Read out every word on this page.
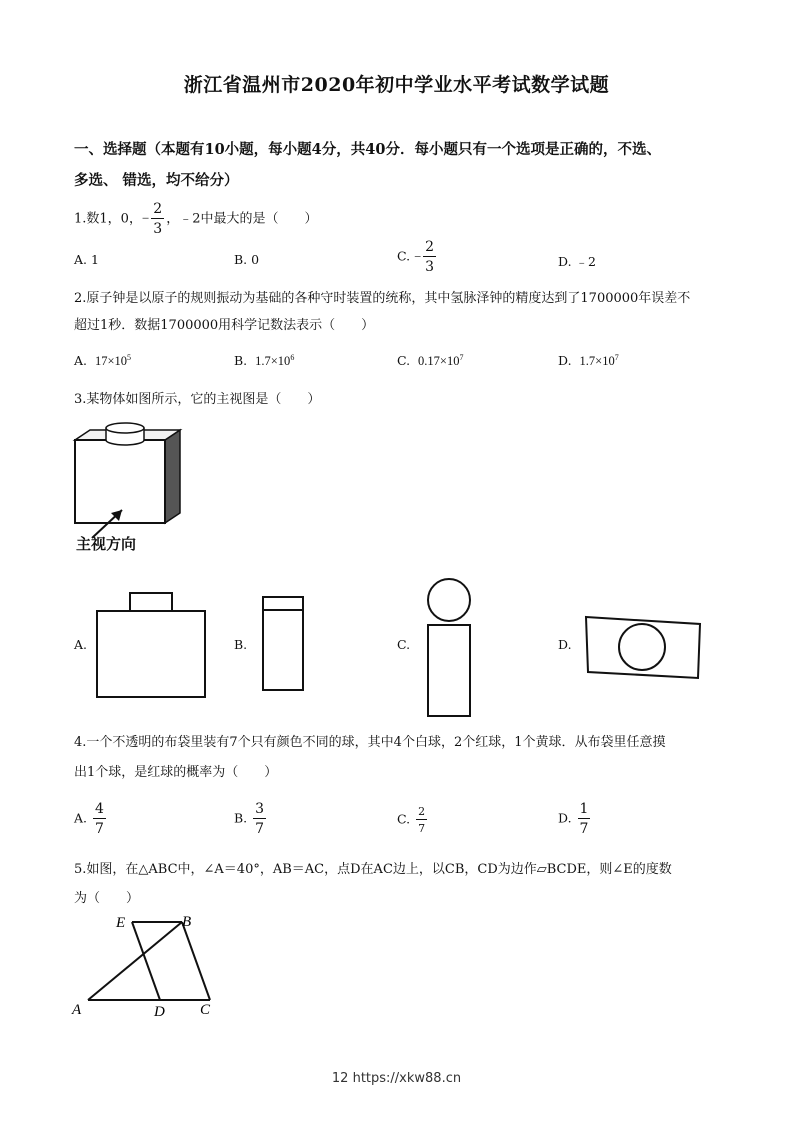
浙江省温州市2020年初中学业水平考试数学试题
一、选择题（本题有10小题，每小题4分，共40分．每小题只有一个选项是正确的，不选、
多选、 错选，均不给分）
1.数1，0，− $\frac{2}{3}$ ，﹣2中最大的是（　　）
A. 1	B. 0	C. − $\frac{2}{3}$	D. ﹣2
2.原子钟是以原子的规则振动为基础的各种守时装置的统称，其中氢脉泽钟的精度达到了1700000年误差不
超过1秒．数据1700000用科学记数法表示（　　）
A. $17\times 10^5$	B. $1.7\times 10^6$	C. $0.17\times 10^7$	D. $1.7\times 10^7$
3.某物体如图所示，它的主视图是（　　）
主视方向
A.	B.	C.	D.
4.一个不透明的布袋里装有7个只有颜色不同的球，其中4个白球，2个红球，1个黄球．从布袋里任意摸
出1个球，是红球的概率为（　　）
A. $\frac{4}{7}$	B. $\frac{3}{7}$	C. $\frac{2}{7}$	D. $\frac{1}{7}$
5.如图，在△ABC中，∠A＝40°，AB＝AC，点D在AC边上，以CB，CD为边作▱BCDE，则∠E的度数
为（　　）
E	B
A	D C
12 https://xkw88.cn
